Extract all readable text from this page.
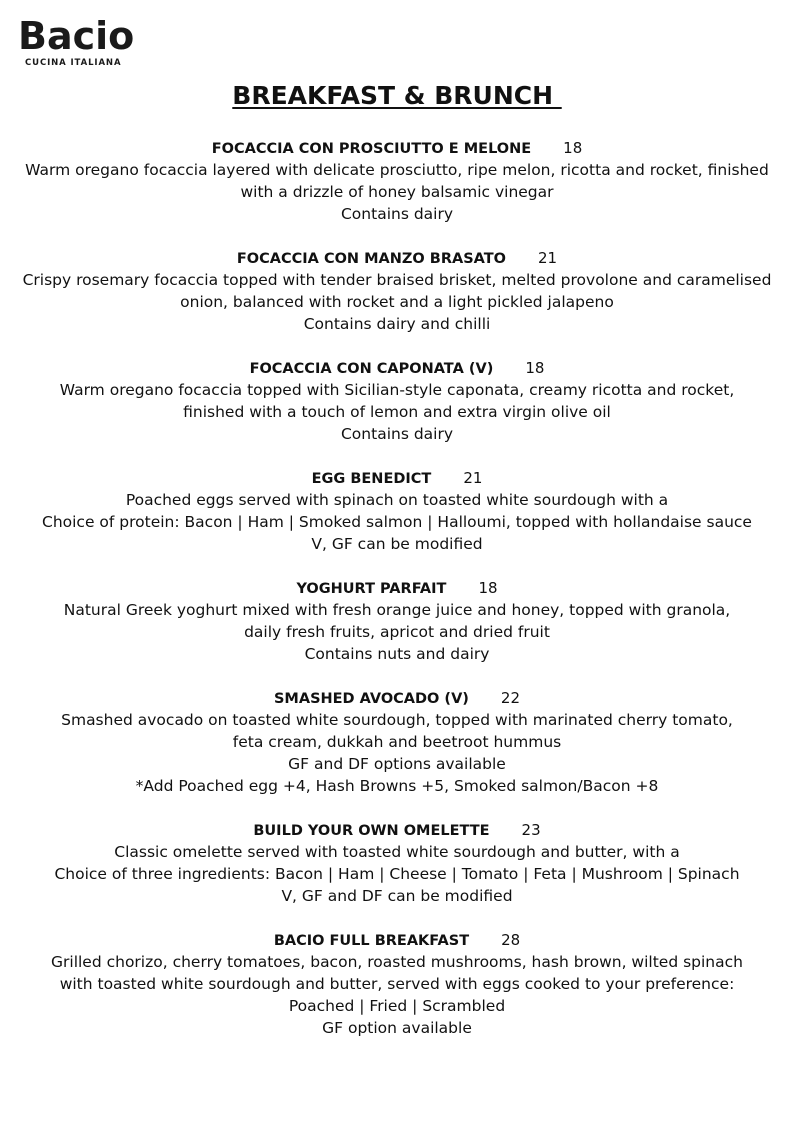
Bacio
CUCINA ITALIANA
BREAKFAST & BRUNCH
FOCACCIA CON PROSCIUTTO E MELONE 18
Warm oregano focaccia layered with delicate prosciutto, ripe melon, ricotta and rocket, finished
with a drizzle of honey balsamic vinegar
Contains dairy
FOCACCIA CON MANZO BRASATO 21
Crispy rosemary focaccia topped with tender braised brisket, melted provolone and caramelised
onion, balanced with rocket and a light pickled jalapeno
Contains dairy and chilli
FOCACCIA CON CAPONATA (V) 18
Warm oregano focaccia topped with Sicilian-style caponata, creamy ricotta and rocket,
finished with a touch of lemon and extra virgin olive oil
Contains dairy
EGG BENEDICT 21
Poached eggs served with spinach on toasted white sourdough with a
Choice of protein: Bacon | Ham | Smoked salmon | Halloumi, topped with hollandaise sauce
V, GF can be modified
YOGHURT PARFAIT 18
Natural Greek yoghurt mixed with fresh orange juice and honey, topped with granola,
daily fresh fruits, apricot and dried fruit
Contains nuts and dairy
SMASHED AVOCADO (V) 22
Smashed avocado on toasted white sourdough, topped with marinated cherry tomato,
feta cream, dukkah and beetroot hummus
GF and DF options available
*Add Poached egg +4, Hash Browns +5, Smoked salmon/Bacon +8
BUILD YOUR OWN OMELETTE 23
Classic omelette served with toasted white sourdough and butter, with a
Choice of three ingredients: Bacon | Ham | Cheese | Tomato | Feta | Mushroom | Spinach
V, GF and DF can be modified
BACIO FULL BREAKFAST 28
Grilled chorizo, cherry tomatoes, bacon, roasted mushrooms, hash brown, wilted spinach
with toasted white sourdough and butter, served with eggs cooked to your preference:
Poached | Fried | Scrambled
GF option available
